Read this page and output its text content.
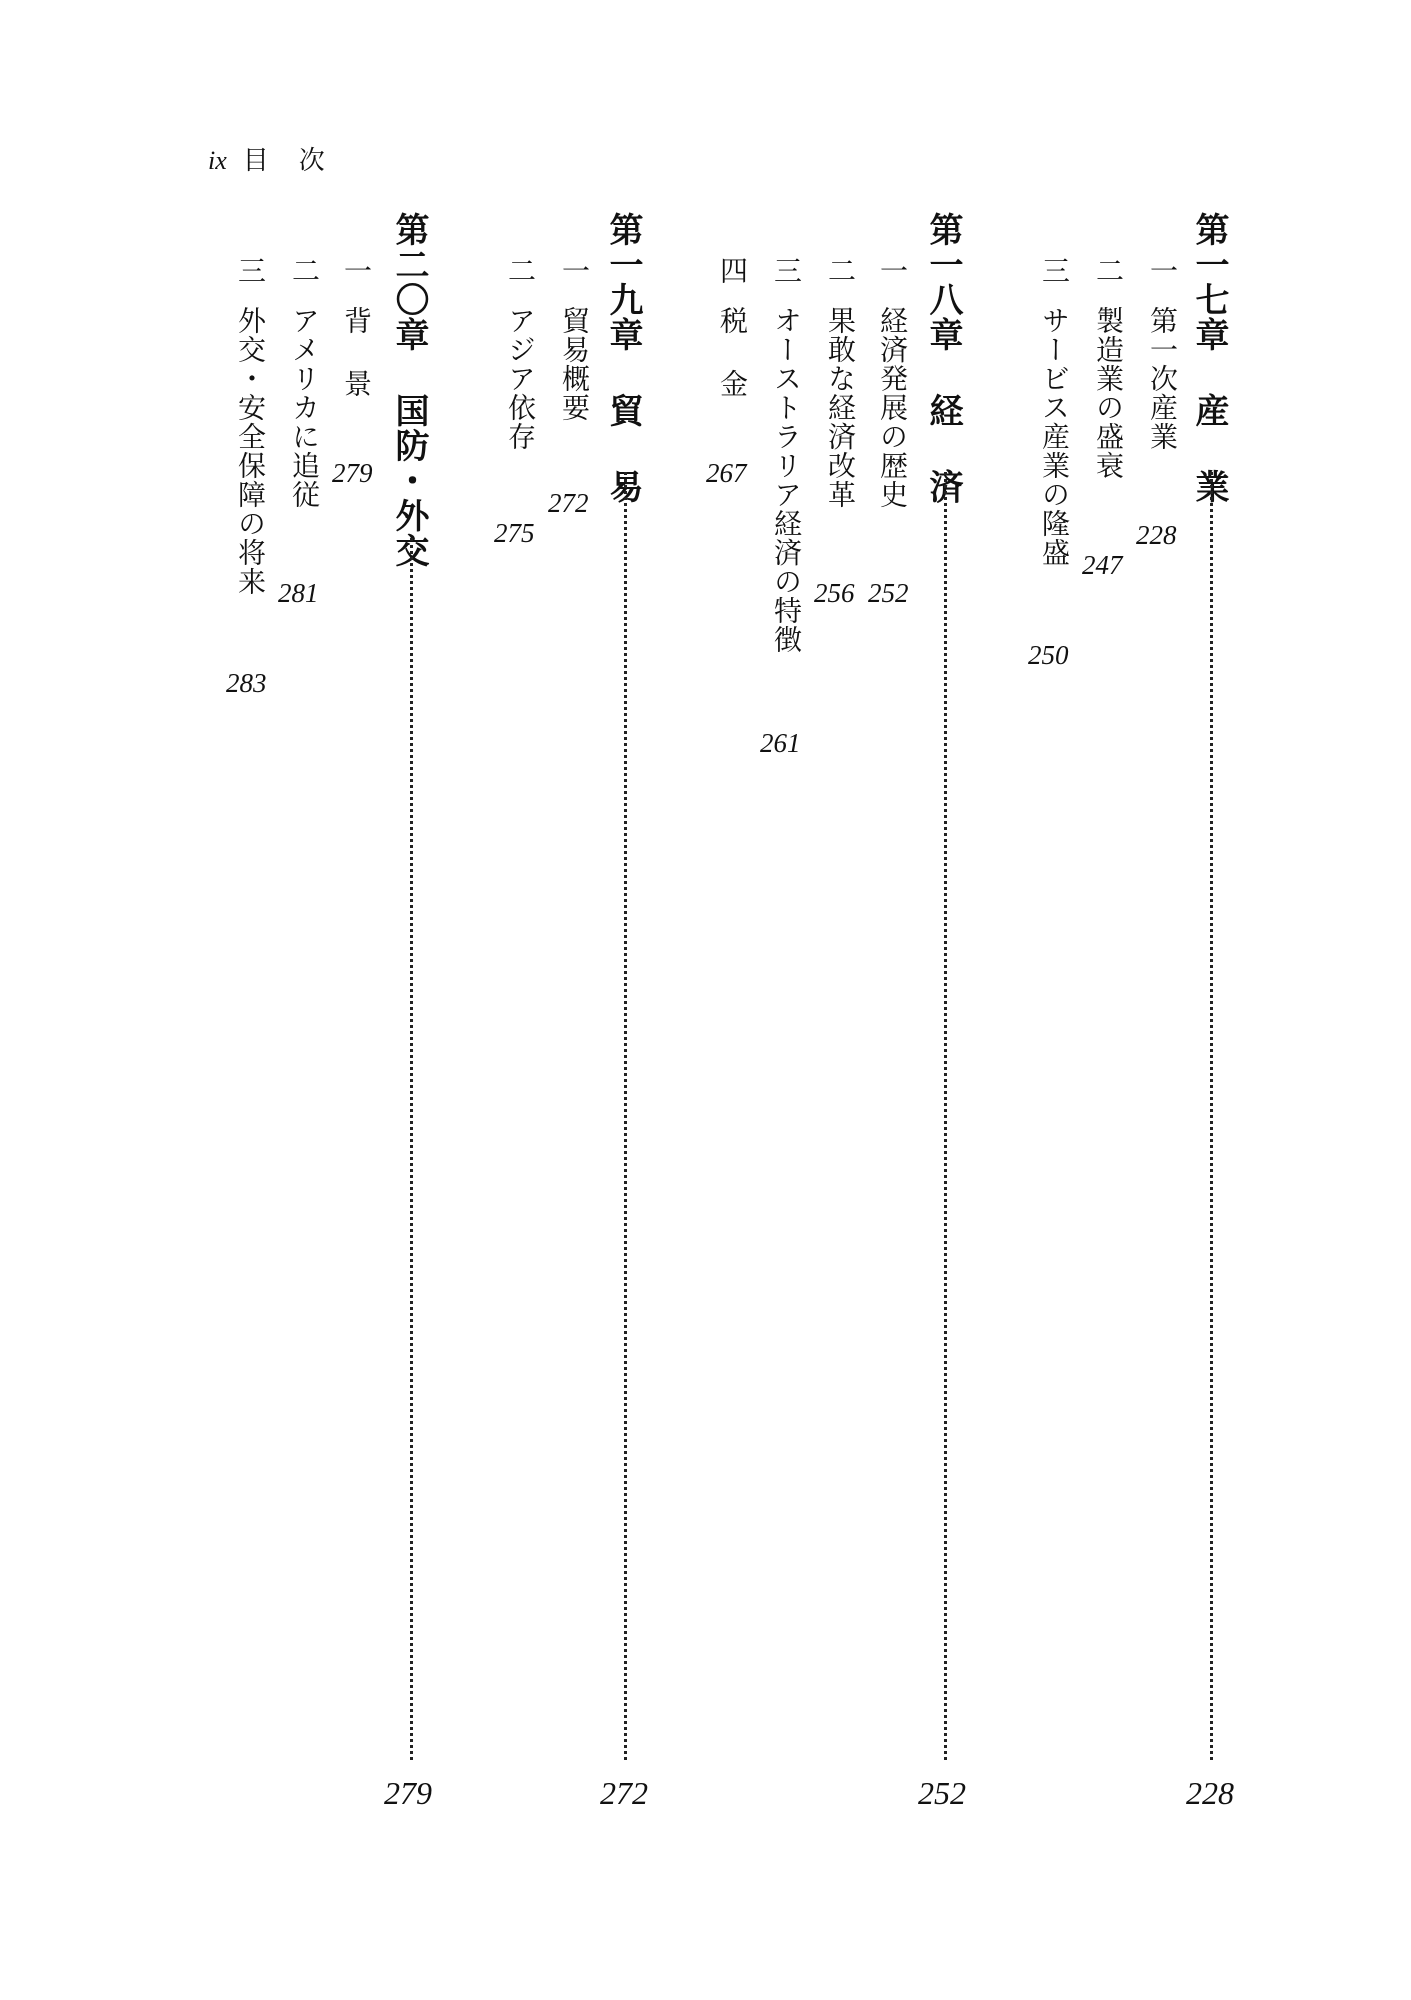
ix 目次
第一七章 産 業
228
一
第一次産業
228
二
製造業の盛衰
247
三
サービス産業の隆盛
250
第一八章 経 済
252
一
経済発展の歴史
252
二
果敢な経済改革
256
三
オーストラリア経済の特徴
261
四
税 金
267
第一九章 貿 易
272
一
貿易概要
272
二
アジア依存
275
第二〇章 国防・外交
279
一
背 景
279
二
アメリカに追従
281
三
外交・安全保障の将来
283
